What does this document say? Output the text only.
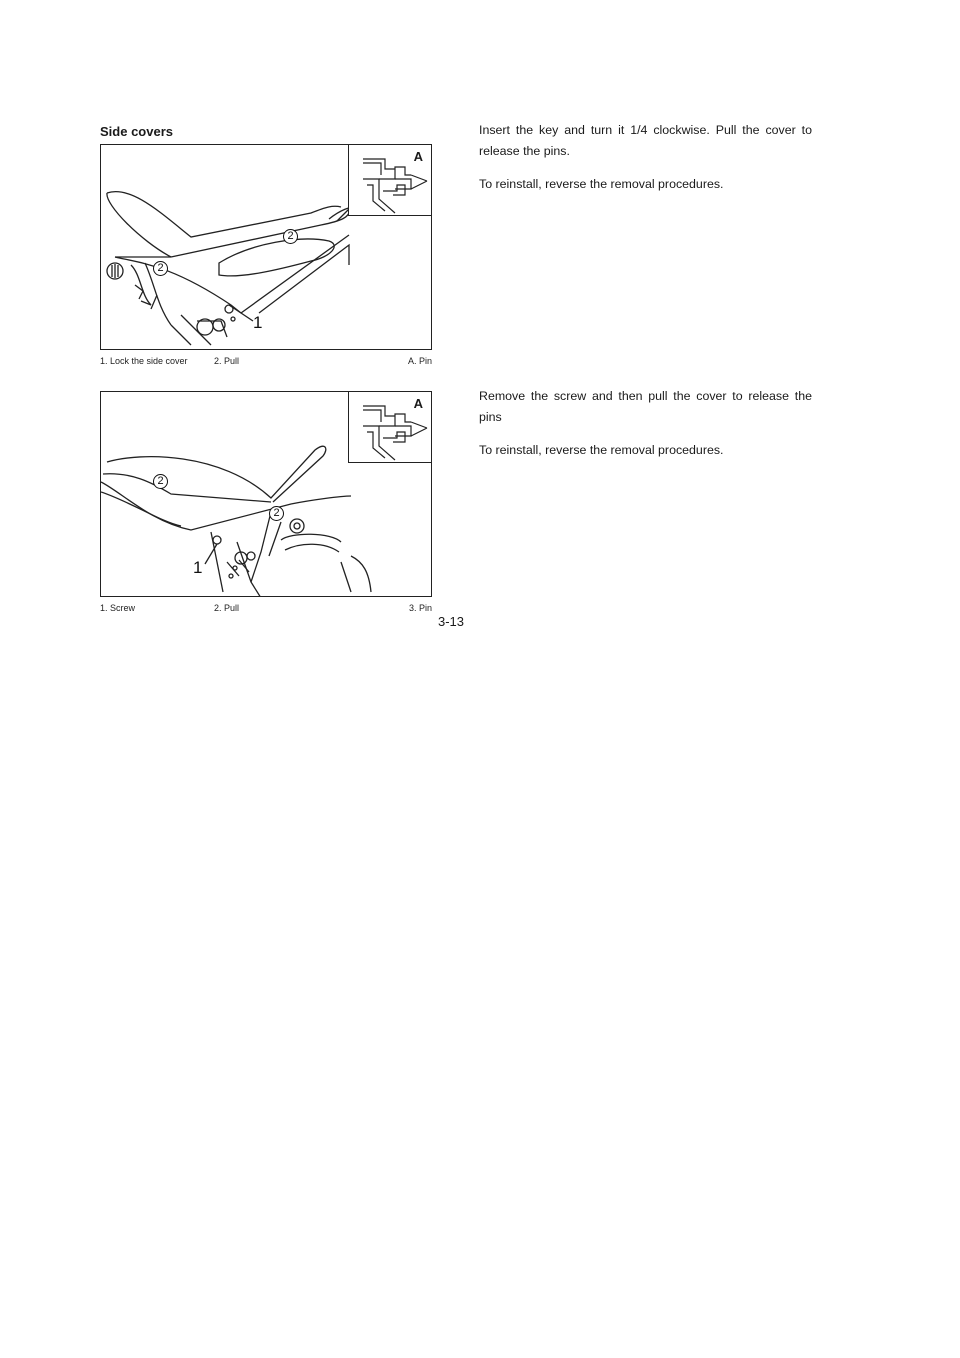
Side covers
2
2
1
A
1. Lock the side cover	2. Pull	A. Pin
2
2
1
A
1. Screw	2. Pull	3. Pin

Insert the key and turn it 1/4 clockwise. Pull the cover to release the pins.

To reinstall, reverse the removal procedures.

Remove the screw and then pull the cover to release the pins

To reinstall, reverse the removal procedures.

3-13
